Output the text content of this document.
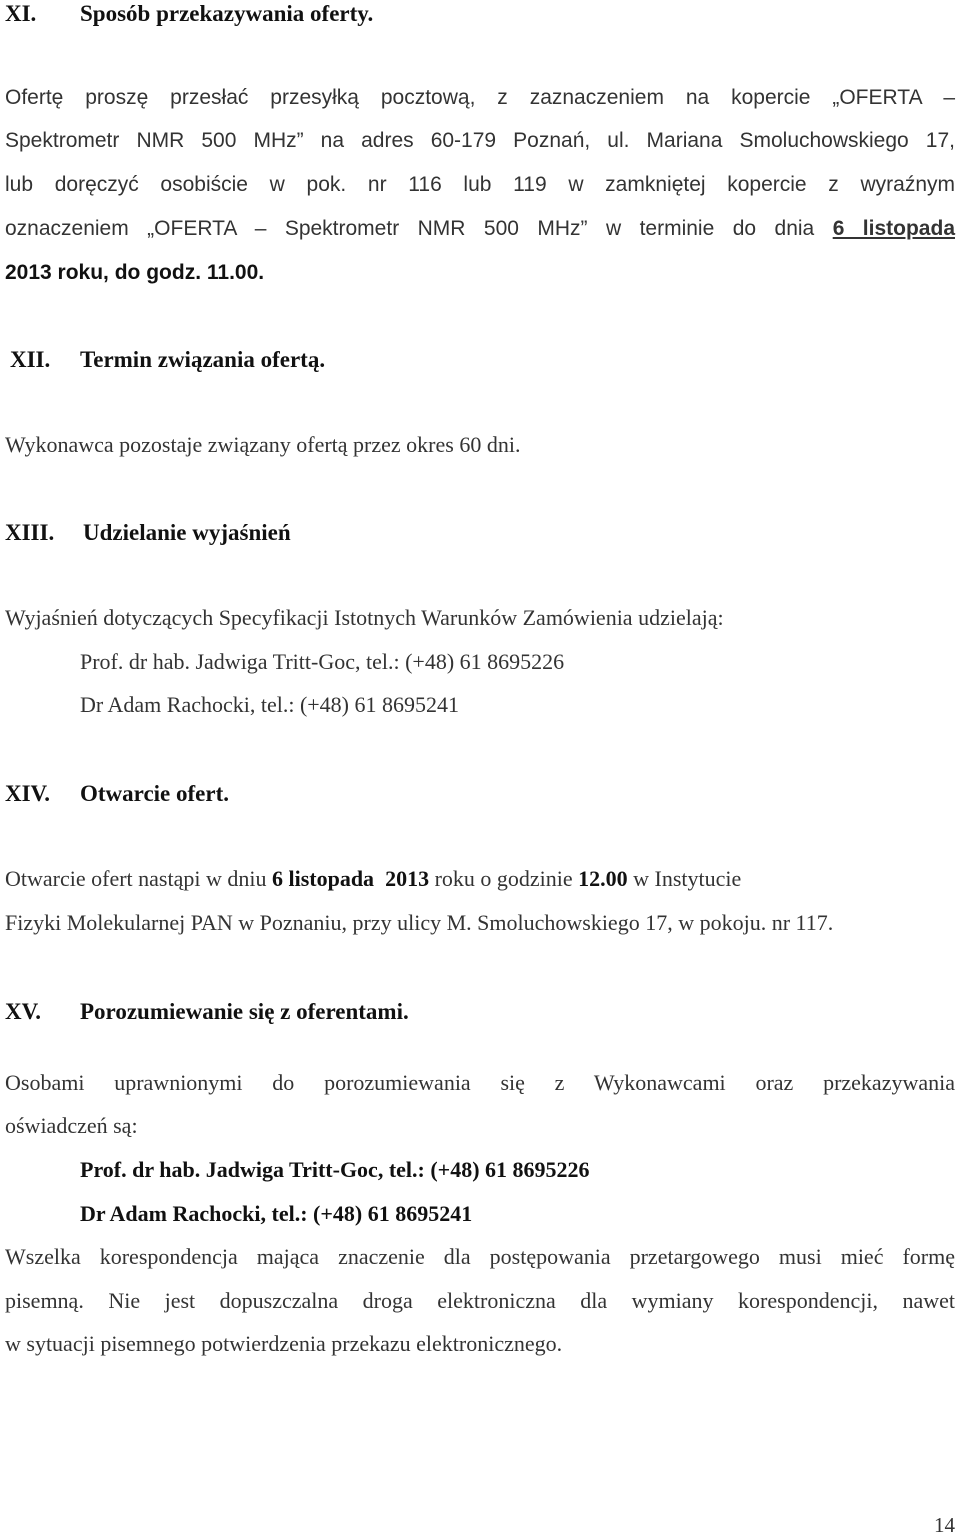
XI. Sposób przekazywania oferty.
Ofertę proszę przesłać przesyłką pocztową, z zaznaczeniem na kopercie „OFERTA –
Spektrometr NMR 500 MHz” na adres 60-179 Poznań, ul. Mariana Smoluchowskiego 17,
lub doręczyć osobiście w pok. nr 116 lub 119 w zamkniętej kopercie z wyraźnym
oznaczeniem „OFERTA – Spektrometr NMR 500 MHz” w terminie do dnia 6 listopada
2013 roku, do godz. 11.00.
XII. Termin związania ofertą.
Wykonawca pozostaje związany ofertą przez okres 60 dni.
XIII. Udzielanie wyjaśnień
Wyjaśnień dotyczących Specyfikacji Istotnych Warunków Zamówienia udzielają:
Prof. dr hab. Jadwiga Tritt-Goc, tel.: (+48) 61 8695226
Dr Adam Rachocki, tel.: (+48) 61 8695241
XIV. Otwarcie ofert.
Otwarcie ofert nastąpi w dniu 6 listopada 2013 roku o godzinie 12.00 w Instytucie
Fizyki Molekularnej PAN w Poznaniu, przy ulicy M. Smoluchowskiego 17, w pokoju. nr 117.
XV. Porozumiewanie się z oferentami.
Osobami uprawnionymi do porozumiewania się z Wykonawcami oraz przekazywania
oświadczeń są:
Prof. dr hab. Jadwiga Tritt-Goc, tel.: (+48) 61 8695226
Dr Adam Rachocki, tel.: (+48) 61 8695241
Wszelka korespondencja mająca znaczenie dla postępowania przetargowego musi mieć formę
pisemną. Nie jest dopuszczalna droga elektroniczna dla wymiany korespondencji, nawet
w sytuacji pisemnego potwierdzenia przekazu elektronicznego.
14
